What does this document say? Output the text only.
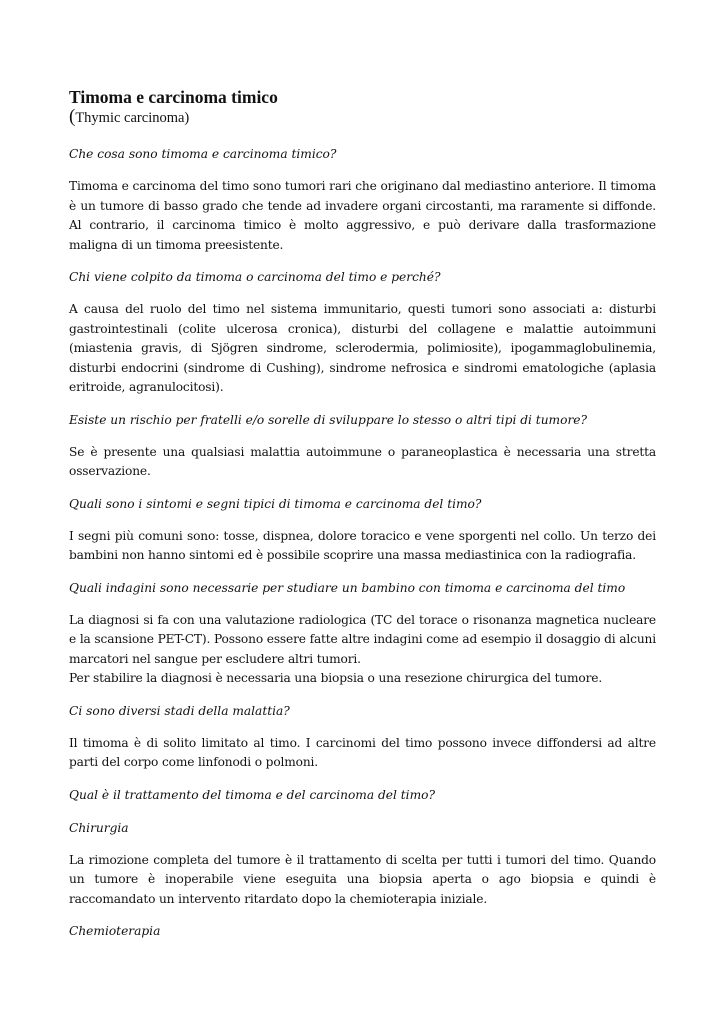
Timoma e carcinoma timico
(Thymic carcinoma)
Che cosa sono timoma e carcinoma timico?
Timoma e carcinoma del timo sono tumori rari che originano dal mediastino anteriore. Il timoma è un tumore di basso grado che tende ad invadere organi circostanti, ma raramente si diffonde. Al contrario, il carcinoma timico è molto aggressivo, e può derivare dalla trasformazione maligna di un timoma preesistente.
Chi viene colpito da timoma o carcinoma del timo e perché?
A causa del ruolo del timo nel sistema immunitario, questi tumori sono associati a: disturbi gastrointestinali (colite ulcerosa cronica), disturbi del collagene e malattie autoimmuni (miastenia gravis, di Sjögren sindrome, sclerodermia, polimiosite), ipogammaglobulinemia, disturbi endocrini (sindrome di Cushing), sindrome nefrosica e sindromi ematologiche (aplasia eritroide, agranulocitosi).
Esiste un rischio per fratelli e/o sorelle di sviluppare lo stesso o altri tipi di tumore?
Se è presente una qualsiasi malattia autoimmune o paraneoplastica è necessaria una stretta osservazione.
Quali sono i sintomi e segni tipici di timoma e carcinoma del timo?
I segni più comuni sono: tosse, dispnea, dolore toracico e vene sporgenti nel collo. Un terzo dei bambini non hanno sintomi ed è possibile scoprire una massa mediastinica con la radiografia.
Quali indagini sono necessarie per studiare un bambino con timoma e carcinoma del timo
La diagnosi si fa con una valutazione radiologica (TC del torace o risonanza magnetica nucleare e la scansione PET-CT). Possono essere fatte altre indagini come ad esempio il dosaggio di alcuni marcatori nel sangue per escludere altri tumori.
Per stabilire la diagnosi è necessaria una biopsia o una resezione chirurgica del tumore.
Ci sono diversi stadi della malattia?
Il timoma è di solito limitato al timo. I carcinomi del timo possono invece diffondersi ad altre parti del corpo come linfonodi o polmoni.
Qual è il trattamento del timoma e del carcinoma del timo?
Chirurgia
La rimozione completa del tumore è il trattamento di scelta per tutti i tumori del timo. Quando un tumore è inoperabile viene eseguita una biopsia aperta o ago biopsia e quindi è raccomandato un intervento ritardato dopo la chemioterapia iniziale.
Chemioterapia
